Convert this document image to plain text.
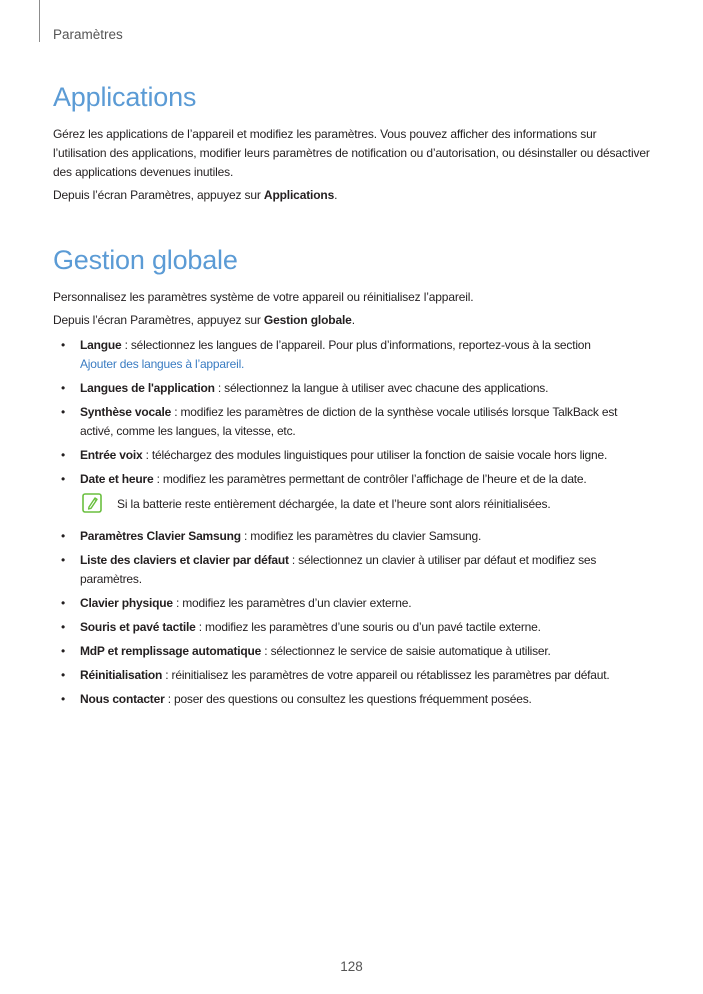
Paramètres
Applications

Gérez les applications de l’appareil et modifiez les paramètres. Vous pouvez afficher des informations sur l’utilisation des applications, modifier leurs paramètres de notification ou d’autorisation, ou désinstaller ou désactiver des applications devenues inutiles.

Depuis l’écran Paramètres, appuyez sur Applications.

Gestion globale

Personnalisez les paramètres système de votre appareil ou réinitialisez l’appareil.

Depuis l’écran Paramètres, appuyez sur Gestion globale.

• Langue : sélectionnez les langues de l’appareil. Pour plus d’informations, reportez-vous à la section
Ajouter des langues à l’appareil.
• Langues de l'application : sélectionnez la langue à utiliser avec chacune des applications.
• Synthèse vocale : modifiez les paramètres de diction de la synthèse vocale utilisés lorsque TalkBack est activé, comme les langues, la vitesse, etc.
• Entrée voix : téléchargez des modules linguistiques pour utiliser la fonction de saisie vocale hors ligne.
• Date et heure : modifiez les paramètres permettant de contrôler l’affichage de l’heure et de la date.
Si la batterie reste entièrement déchargée, la date et l’heure sont alors réinitialisées.
• Paramètres Clavier Samsung : modifiez les paramètres du clavier Samsung.
• Liste des claviers et clavier par défaut : sélectionnez un clavier à utiliser par défaut et modifiez ses paramètres.
• Clavier physique : modifiez les paramètres d’un clavier externe.
• Souris et pavé tactile : modifiez les paramètres d’une souris ou d’un pavé tactile externe.
• MdP et remplissage automatique : sélectionnez le service de saisie automatique à utiliser.
• Réinitialisation : réinitialisez les paramètres de votre appareil ou rétablissez les paramètres par défaut.
• Nous contacter : poser des questions ou consultez les questions fréquemment posées.
128
